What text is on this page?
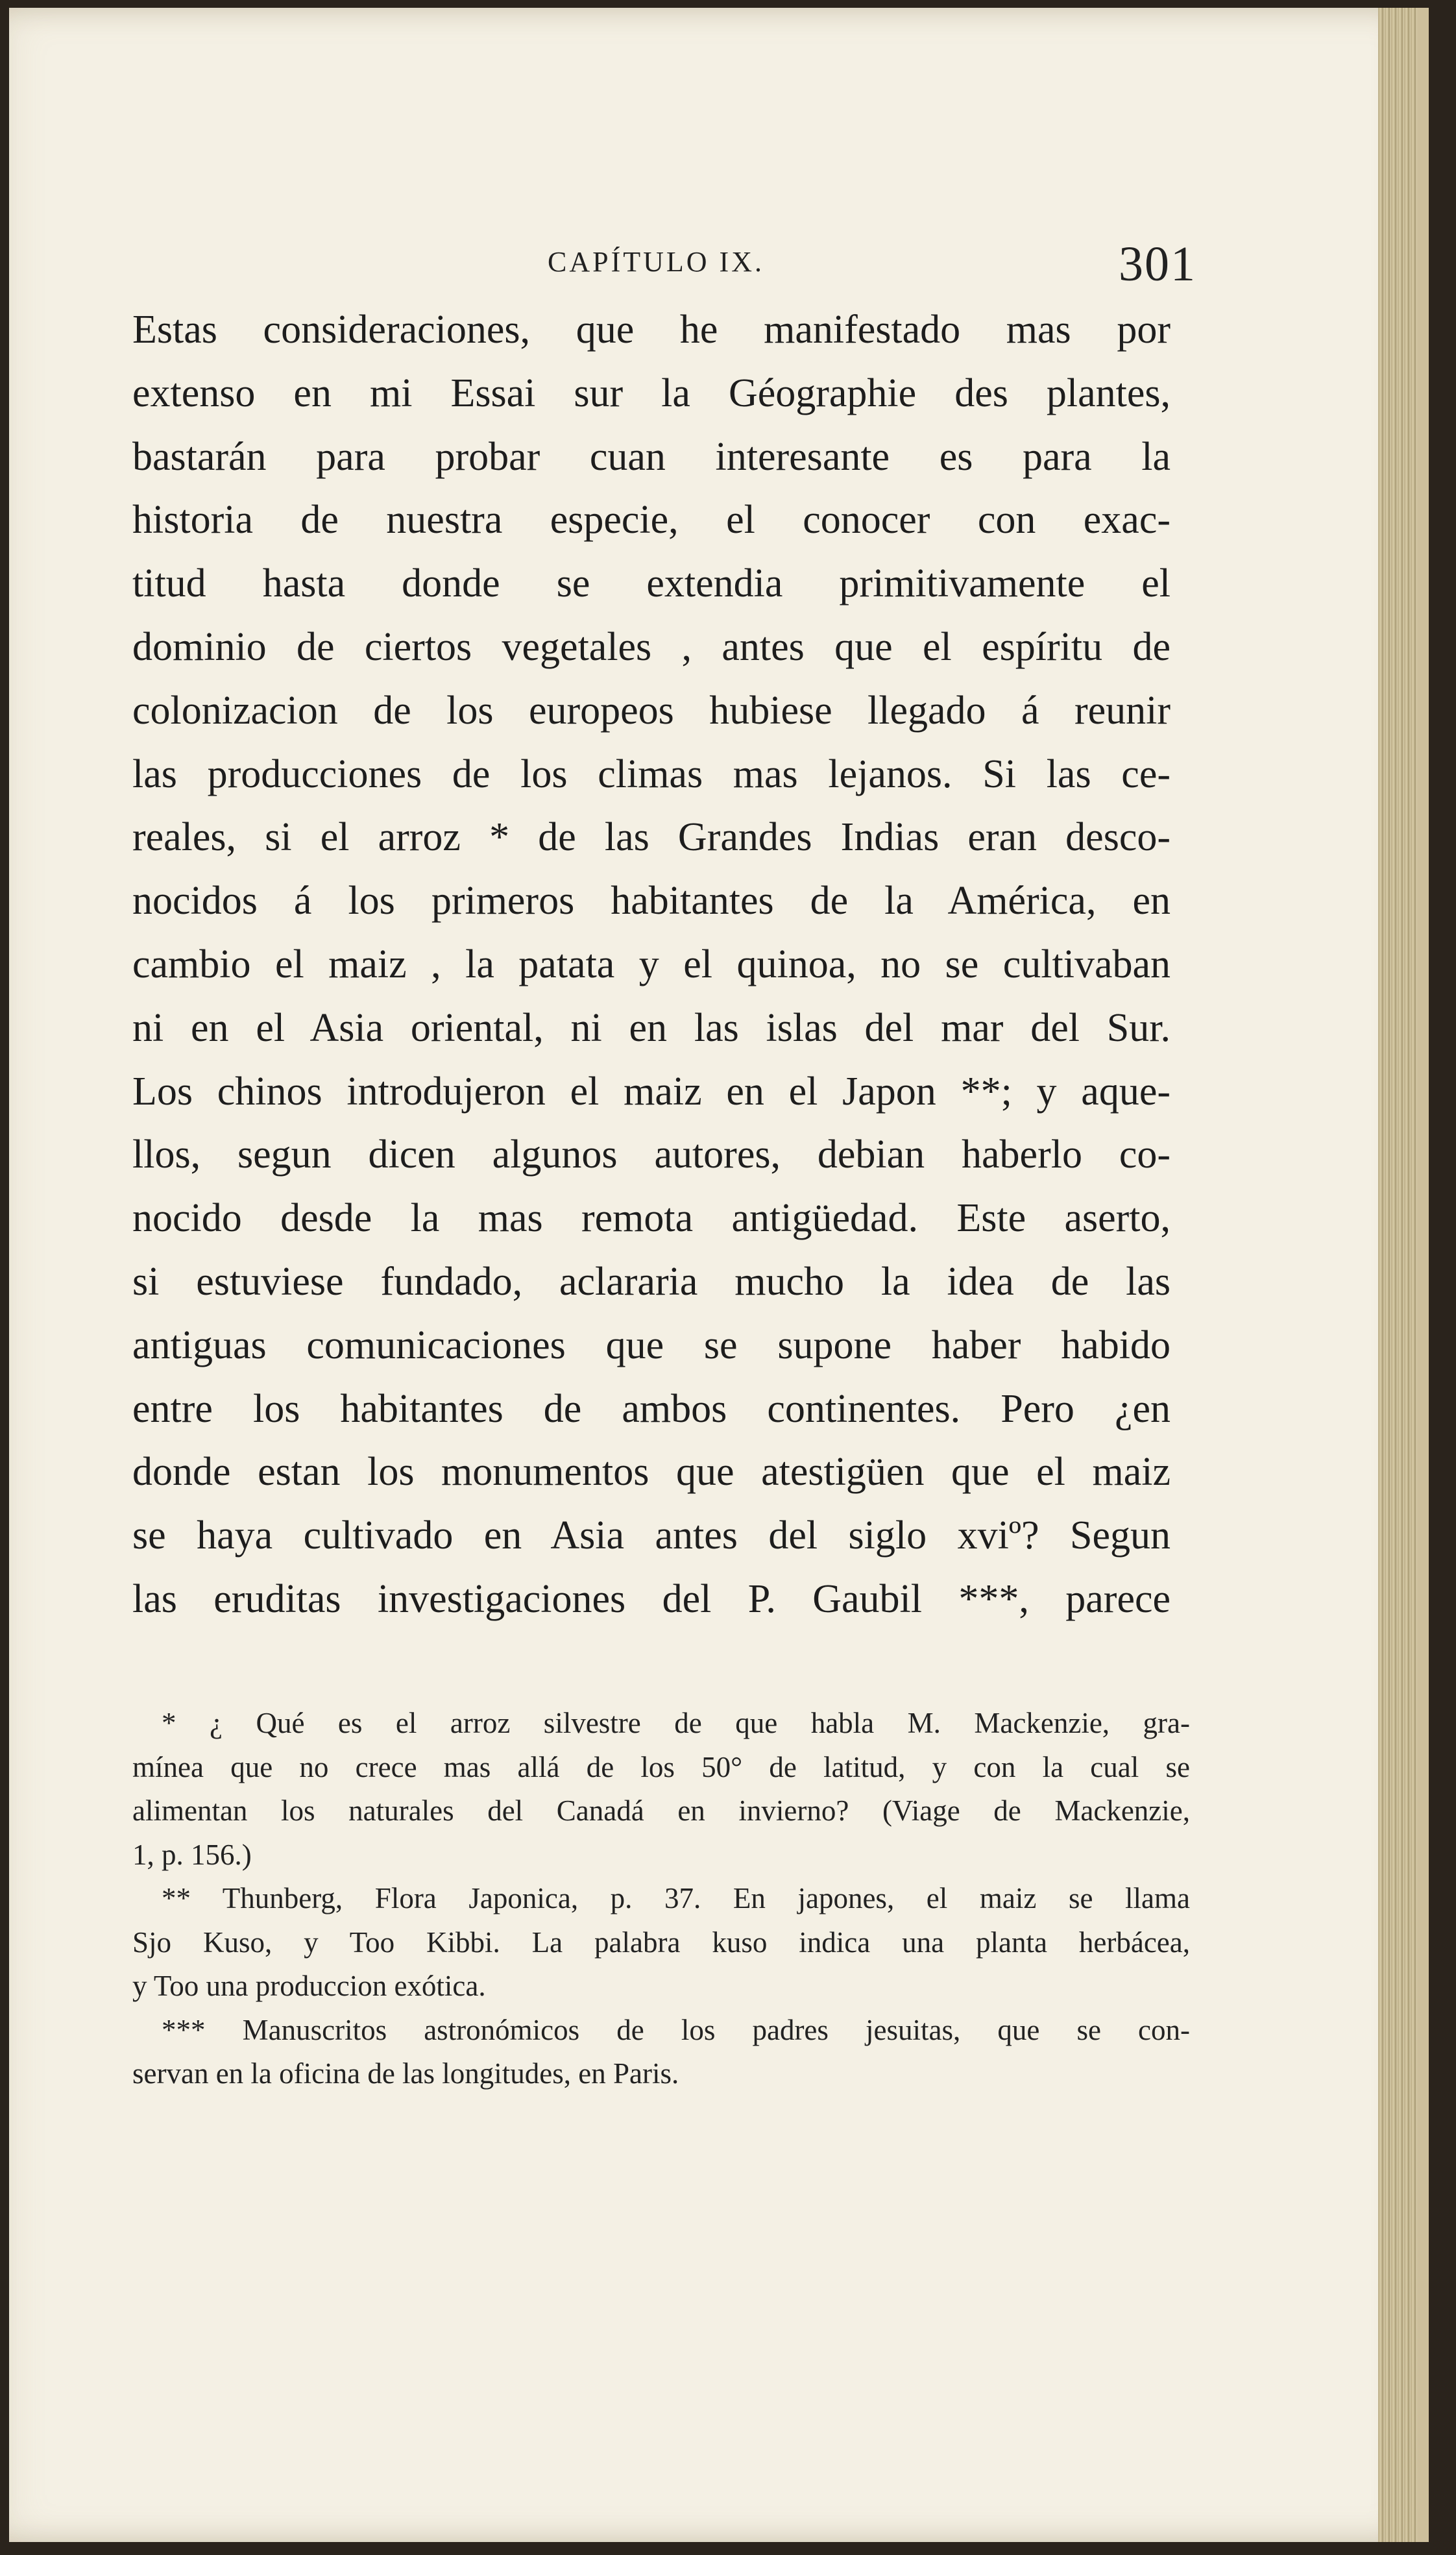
CAPÍTULO IX.	301
Estas consideraciones, que he manifestado mas por
extenso en mi Essai sur la Géographie des plantes,
bastarán para probar cuan interesante es para la
historia de nuestra especie, el conocer con exac-
titud hasta donde se extendia primitivamente el
dominio de ciertos vegetales , antes que el espíritu de
colonizacion de los europeos hubiese llegado á reunir
las producciones de los climas mas lejanos. Si las ce-
reales, si el arroz * de las Grandes Indias eran desco-
nocidos á los primeros habitantes de la América, en
cambio el maiz , la patata y el quinoa, no se cultivaban
ni en el Asia oriental, ni en las islas del mar del Sur.
Los chinos introdujeron el maiz en el Japon **; y aque-
llos, segun dicen algunos autores, debian haberlo co-
nocido desde la mas remota antigüedad. Este aserto,
si estuviese fundado, aclararia mucho la idea de las
antiguas comunicaciones que se supone haber habido
entre los habitantes de ambos continentes. Pero ¿en
donde estan los monumentos que atestigüen que el maiz
se haya cultivado en Asia antes del siglo xviº? Segun
las eruditas investigaciones del P. Gaubil ***, parece
* ¿ Qué es el arroz silvestre de que habla M. Mackenzie, gra-
mínea que no crece mas allá de los 50° de latitud, y con la cual se
alimentan los naturales del Canadá en invierno? (Viage de Mackenzie,
1, p. 156.)
** Thunberg, Flora Japonica, p. 37. En japones, el maiz se llama
Sjo Kuso, y Too Kibbi. La palabra kuso indica una planta herbácea,
y Too una produccion exótica.
*** Manuscritos astronómicos de los padres jesuitas, que se con-
servan en la oficina de las longitudes, en Paris.
